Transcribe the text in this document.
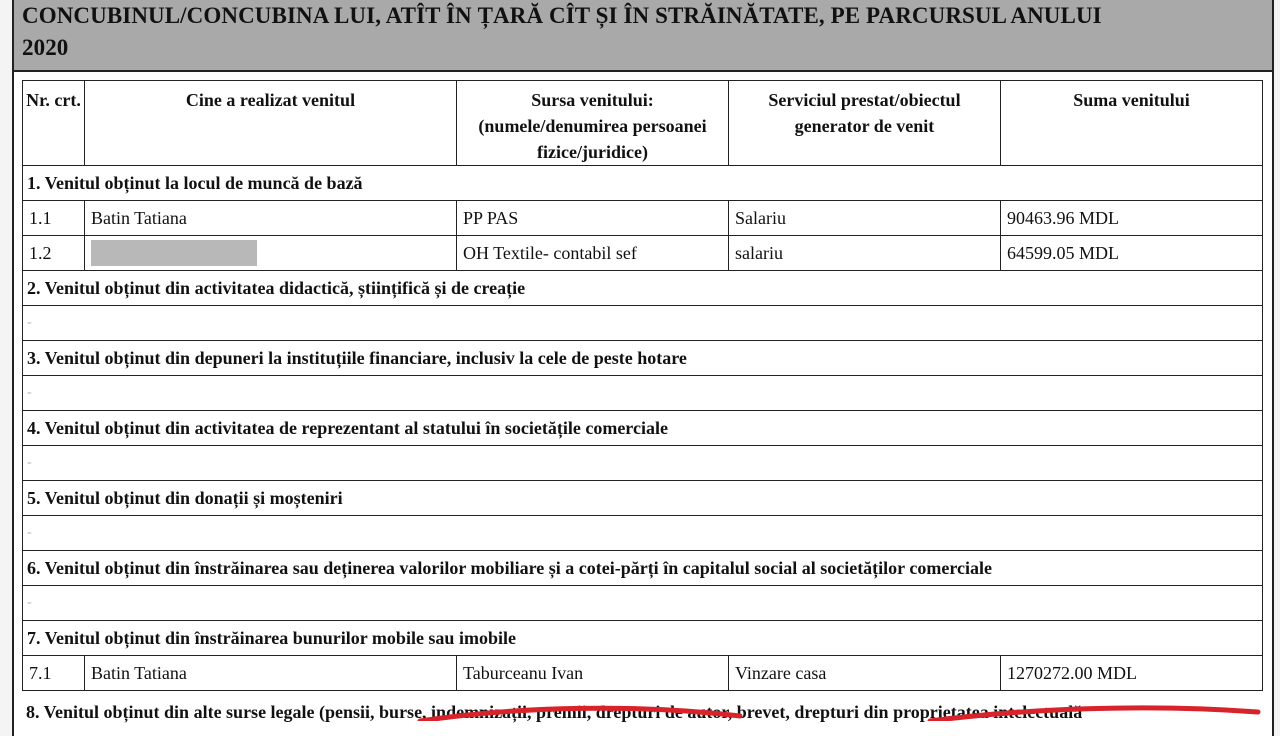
CONCUBINUL/CONCUBINA LUI, ATÎT ÎN ȚARĂ CÎT ȘI ÎN STRĂINĂTATE, PE PARCURSUL ANULUI
2020
Nr. crt.	Cine a realizat venitul	Sursa venitului: (numele/denumirea persoanei fizice/juridice)	Serviciul prestat/obiectul generator de venit	Suma venitului
1. Venitul obținut la locul de muncă de bază				
1.1	Batin Tatiana	PP PAS	Salariu	90463.96 MDL
1.2		OH Textile- contabil sef	salariu	64599.05 MDL
2. Venitul obținut din activitatea didactică, științifică și de creație				
-				
3. Venitul obținut din depuneri la instituțiile financiare, inclusiv la cele de peste hotare				
-				
4. Venitul obținut din activitatea de reprezentant al statului în societățile comerciale				
-				
5. Venitul obținut din donații și moșteniri				
-				
6. Venitul obținut din înstrăinarea sau deținerea valorilor mobiliare și a cotei-părți în capitalul social al societăților comerciale				
-				
7. Venitul obținut din înstrăinarea bunurilor mobile sau imobile				
7.1	Batin Tatiana	Taburceanu Ivan	Vinzare casa	1270272.00 MDL
8. Venitul obținut din alte surse legale (pensii, burse, indemnizații, premii, drepturi de autor, brevet, drepturi din proprietatea intelectuală
